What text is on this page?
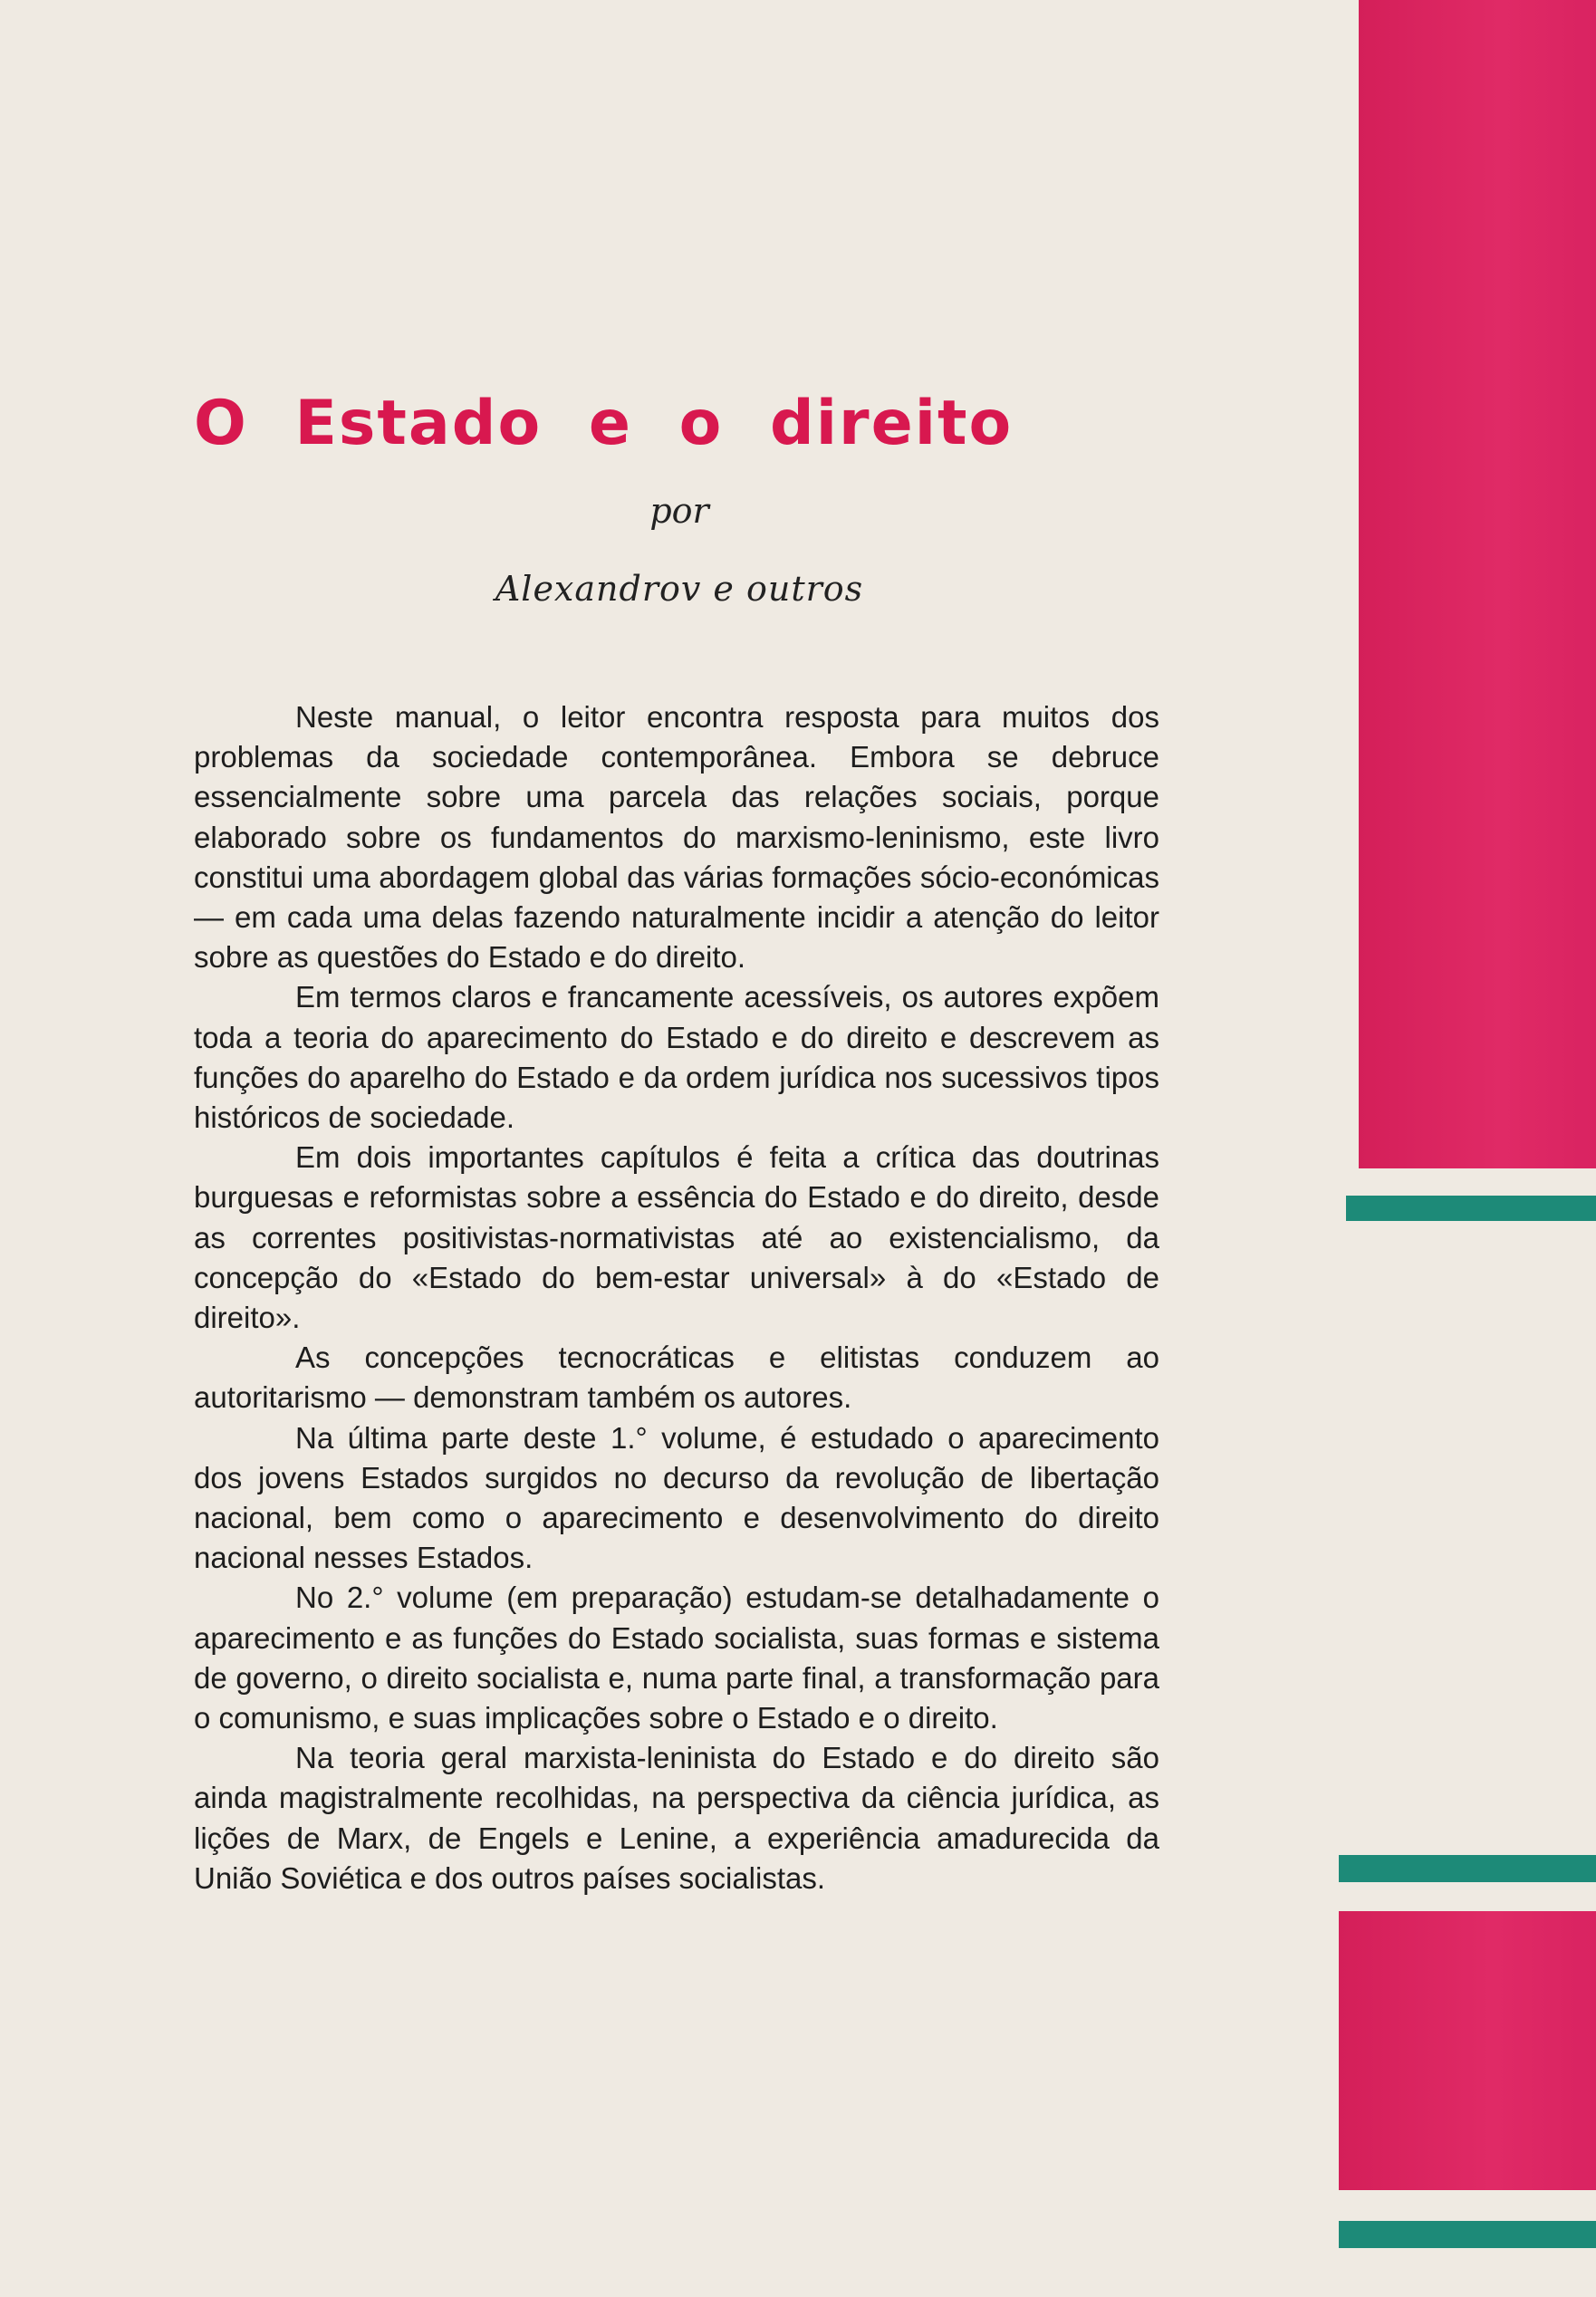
O Estado e o direito

por

Alexandrov e outros

Neste manual, o leitor encontra resposta para muitos dos problemas da sociedade contemporânea. Embora se debruce essencialmente sobre uma parcela das relações sociais, porque elaborado sobre os fundamentos do marxismo-leninismo, este livro constitui uma abordagem global das várias formações sócio-económicas — em cada uma delas fazendo naturalmente incidir a atenção do leitor sobre as questões do Estado e do direito.

Em termos claros e francamente acessíveis, os autores expõem toda a teoria do aparecimento do Estado e do direito e descrevem as funções do aparelho do Estado e da ordem jurídica nos sucessivos tipos históricos de sociedade.

Em dois importantes capítulos é feita a crítica das doutrinas burguesas e reformistas sobre a essência do Estado e do direito, desde as correntes positivistas-normativistas até ao existencialismo, da concepção do «Estado do bem-estar universal» à do «Estado de direito».

As concepções tecnocráticas e elitistas conduzem ao autoritarismo — demonstram também os autores.

Na última parte deste 1.° volume, é estudado o aparecimento dos jovens Estados surgidos no decurso da revolução de libertação nacional, bem como o aparecimento e desenvolvimento do direito nacional nesses Estados.

No 2.° volume (em preparação) estudam-se detalhadamente o aparecimento e as funções do Estado socialista, suas formas e sistema de governo, o direito socialista e, numa parte final, a transformação para o comunismo, e suas implicações sobre o Estado e o direito.

Na teoria geral marxista-leninista do Estado e do direito são ainda magistralmente recolhidas, na perspectiva da ciência jurídica, as lições de Marx, de Engels e Lenine, a experiência amadurecida da União Soviética e dos outros países socialistas.
